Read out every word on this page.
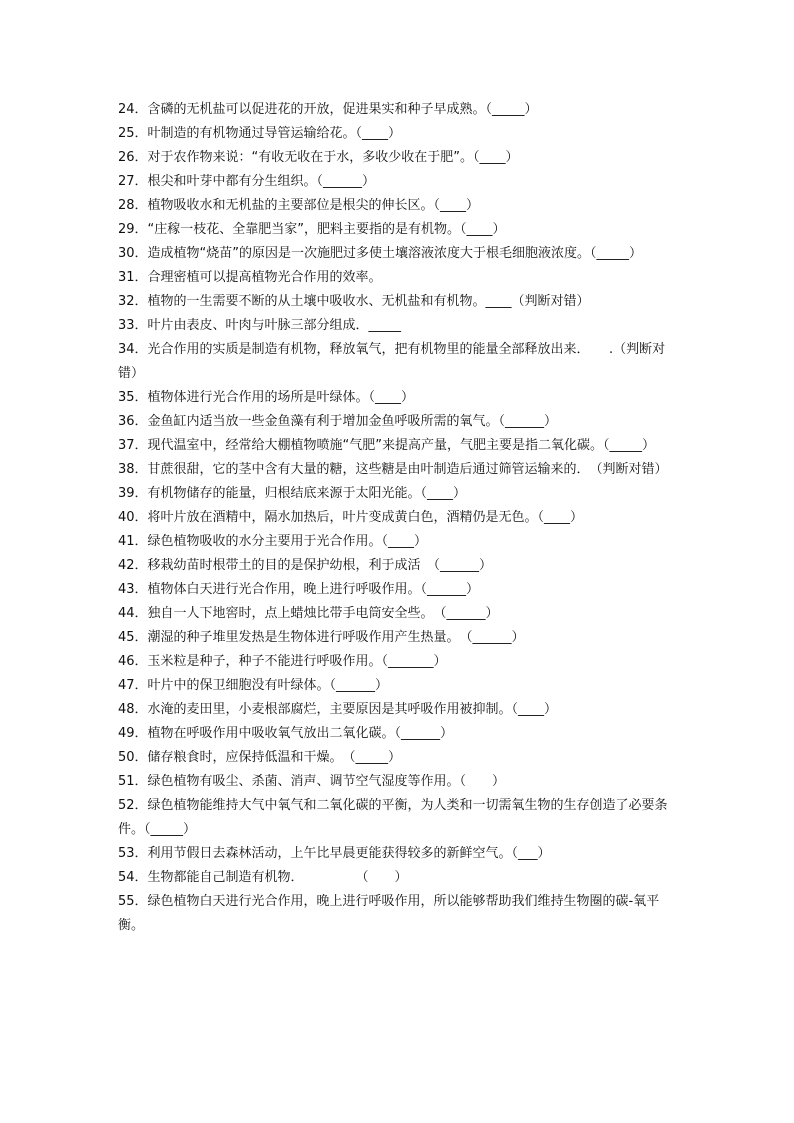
24．含磷的无机盐可以促进花的开放，促进果实和种子早成熟。（_____）

25．叶制造的有机物通过导管运输给花。（____）

26．对于农作物来说：“有收无收在于水，多收少收在于肥”。（____）

27．根尖和叶芽中都有分生组织。（______）

28．植物吸收水和无机盐的主要部位是根尖的伸长区。（____）

29．“庄稼一枝花、全靠肥当家”，肥料主要指的是有机物。（____）

30．造成植物“烧苗”的原因是一次施肥过多使土壤溶液浓度大于根毛细胞液浓度。（_____）

31．合理密植可以提高植物光合作用的效率。

32．植物的一生需要不断的从土壤中吸收水、无机盐和有机物。____（判断对错）

33．叶片由表皮、叶肉与叶脉三部分组成．_____

34．光合作用的实质是制造有机物，释放氧气，把有机物里的能量全部释放出来．　　.（判断对错）

35．植物体进行光合作用的场所是叶绿体。（____）

36．金鱼缸内适当放一些金鱼藻有利于增加金鱼呼吸所需的氧气。（______）

37．现代温室中，经常给大棚植物喷施“气肥”来提高产量，气肥主要是指二氧化碳。（_____）

38．甘蔗很甜，它的茎中含有大量的糖，这些糖是由叶制造后通过筛管运输来的．　（判断对错）

39．有机物储存的能量，归根结底来源于太阳光能。（____）

40．将叶片放在酒精中，隔水加热后，叶片变成黄白色，酒精仍是无色。（____）

41．绿色植物吸收的水分主要用于光合作用。（____）

42．移栽幼苗时根带土的目的是保护幼根，利于成活　（______）

43．植物体白天进行光合作用，晚上进行呼吸作用。（______）

44．独自一人下地窖时，点上蜡烛比带手电筒安全些。　（______）

45．潮湿的种子堆里发热是生物体进行呼吸作用产生热量。　（______）

46．玉米粒是种子，种子不能进行呼吸作用。（_______）

47．叶片中的保卫细胞没有叶绿体。（______）

48．水淹的麦田里，小麦根部腐烂，主要原因是其呼吸作用被抑制。（____）

49．植物在呼吸作用中吸收氧气放出二氧化碳。（______）

50．储存粮食时，应保持低温和干燥。　（_____）

51．绿色植物有吸尘、杀菌、消声、调节空气湿度等作用。（　　）

52．绿色植物能维持大气中氧气和二氧化碳的平衡，为人类和一切需氧生物的生存创造了必要条件。（_____）

53．利用节假日去森林活动，上午比早晨更能获得较多的新鲜空气。（___）

54．生物都能自己制造有机物．　　　　　（　　）

55．绿色植物白天进行光合作用，晚上进行呼吸作用，所以能够帮助我们维持生物圈的碳-氧平衡。
